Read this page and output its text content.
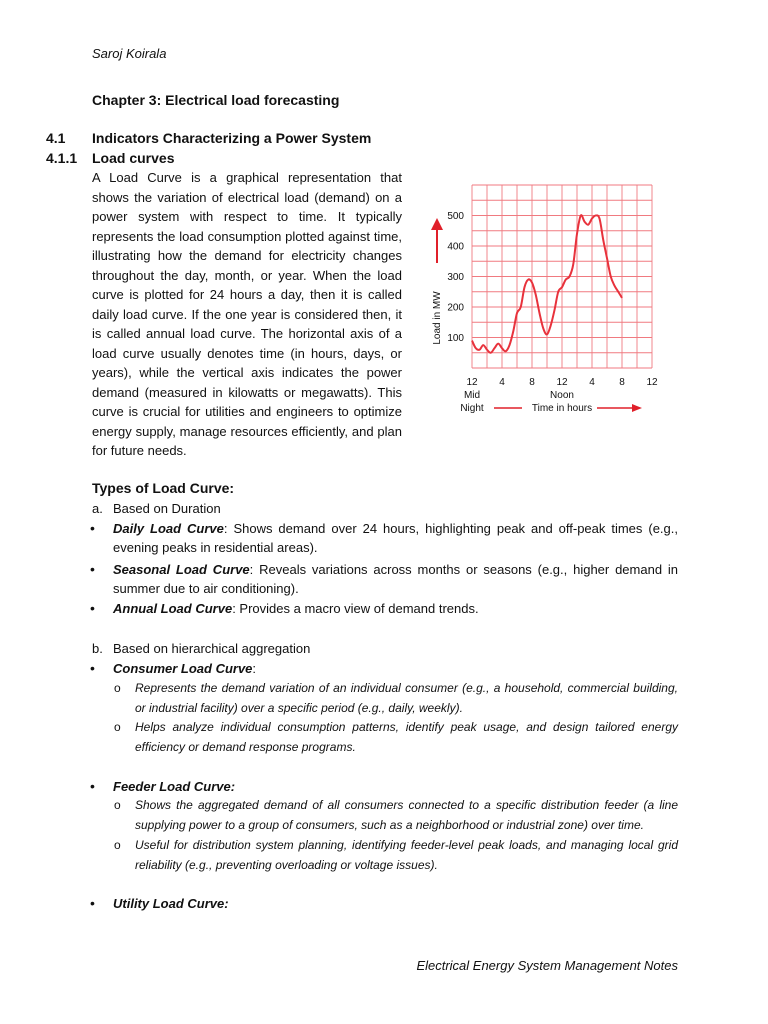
Saroj Koirala
Chapter 3: Electrical load forecasting
4.1 Indicators Characterizing a Power System
4.1.1 Load curves
A Load Curve is a graphical representation that shows the variation of electrical load (demand) on a power system with respect to time. It typically represents the load consumption plotted against time, illustrating how the demand for electricity changes throughout the day, month, or year. When the load curve is plotted for 24 hours a day, then it is called daily load curve. If the one year is considered then, it is called annual load curve. The horizontal axis of a load curve usually denotes time (in hours, days, or years), while the vertical axis indicates the power demand (measured in kilowatts or megawatts). This curve is crucial for utilities and engineers to optimize energy supply, manage resources efficiently, and plan for future needs.
100
200
300
400
500
12 4 8 12 4 8 12
Mid
Night
Noon
Load in MW
Time in hours
Types of Load Curve:
a. Based on Duration
• Daily Load Curve: Shows demand over 24 hours, highlighting peak and off-peak times (e.g., evening peaks in residential areas).
• Seasonal Load Curve: Reveals variations across months or seasons (e.g., higher demand in summer due to air conditioning).
• Annual Load Curve: Provides a macro view of demand trends.
b. Based on hierarchical aggregation
• Consumer Load Curve:
o Represents the demand variation of an individual consumer (e.g., a household, commercial building, or industrial facility) over a specific period (e.g., daily, weekly).
o Helps analyze individual consumption patterns, identify peak usage, and design tailored energy efficiency or demand response programs.
• Feeder Load Curve:
o Shows the aggregated demand of all consumers connected to a specific distribution feeder (a line supplying power to a group of consumers, such as a neighborhood or industrial zone) over time.
o Useful for distribution system planning, identifying feeder-level peak loads, and managing local grid reliability (e.g., preventing overloading or voltage issues).
• Utility Load Curve:
Electrical Energy System Management Notes
